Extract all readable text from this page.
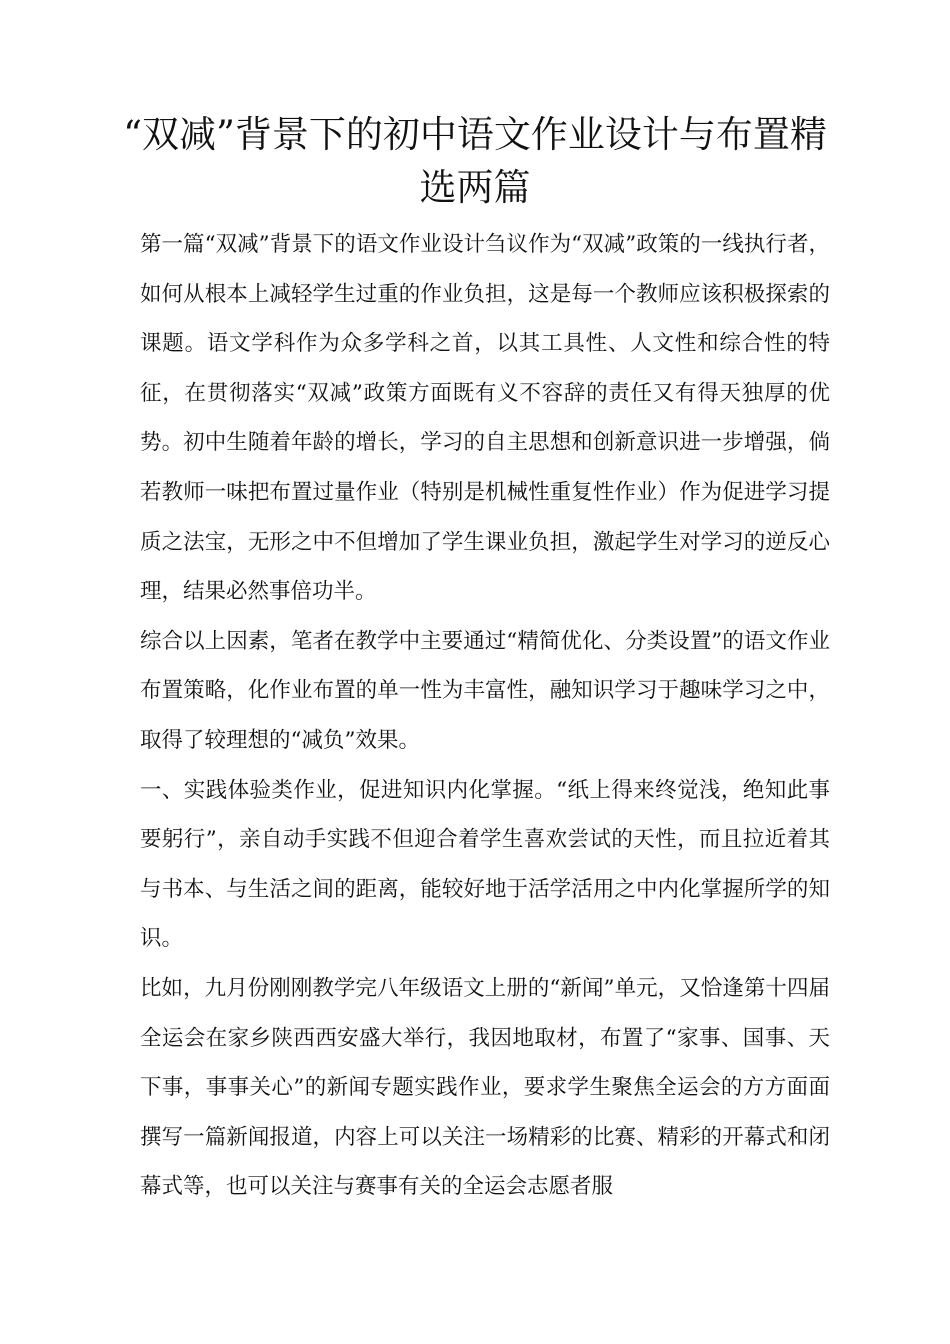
“双减”背景下的初中语文作业设计与布置精选两篇

第一篇“双减”背景下的语文作业设计刍议作为“双减”政策的一线执行者，如何从根本上减轻学生过重的作业负担，这是每一个教师应该积极探索的课题。语文学科作为众多学科之首，以其工具性、人文性和综合性的特征，在贯彻落实“双减”政策方面既有义不容辞的责任又有得天独厚的优势。初中生随着年龄的增长，学习的自主思想和创新意识进一步增强，倘若教师一味把布置过量作业（特别是机械性重复性作业）作为促进学习提质之法宝，无形之中不但增加了学生课业负担，激起学生对学习的逆反心理，结果必然事倍功半。

综合以上因素，笔者在教学中主要通过“精简优化、分类设置”的语文作业布置策略，化作业布置的单一性为丰富性，融知识学习于趣味学习之中，取得了较理想的“减负”效果。

一、实践体验类作业，促进知识内化掌握。“纸上得来终觉浅，绝知此事要躬行”，亲自动手实践不但迎合着学生喜欢尝试的天性，而且拉近着其与书本、与生活之间的距离，能较好地于活学活用之中内化掌握所学的知识。

比如，九月份刚刚教学完八年级语文上册的“新闻”单元，又恰逢第十四届全运会在家乡陕西西安盛大举行，我因地取材，布置了“家事、国事、天下事，事事关心”的新闻专题实践作业，要求学生聚焦全运会的方方面面撰写一篇新闻报道，内容上可以关注一场精彩的比赛、精彩的开幕式和闭幕式等，也可以关注与赛事有关的全运会志愿者服
